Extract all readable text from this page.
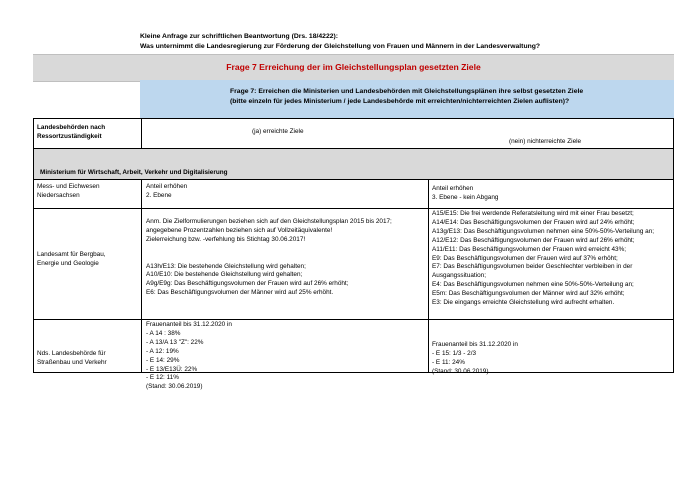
Kleine Anfrage zur schriftlichen Beantwortung (Drs. 18/4222):
Was unternimmt die Landesregierung zur Förderung der Gleichstellung von Frauen und Männern in der Landesverwaltung?
Frage 7 Erreichung der im Gleichstellungsplan gesetzten Ziele
Frage 7: Erreichen die Ministerien und Landesbehörden mit Gleichstellungsplänen ihre selbst gesetzten Ziele
(bitte einzeln für jedes Ministerium / jede Landesbehörde mit erreichten/nichterreichten Zielen auflisten)?
Landesbehörden nach
Ressortzuständigkeit
(ja) erreichte Ziele
(nein) nichterreichte Ziele
Ministerium für Wirtschaft, Arbeit, Verkehr und Digitalisierung
Mess- und Eichwesen
Niedersachsen
Anteil erhöhen
2. Ebene
Anteil erhöhen
3. Ebene - kein Abgang
Landesamt für Bergbau,
Energie und Geologie
Anm. Die Zielformulierungen beziehen sich auf den Gleichstellungsplan 2015 bis 2017;
angegebene Prozentzahlen beziehen sich auf Vollzeitäquivalente!
Zielerreichung bzw. -verfehlung bis Stichtag 30.06.2017!
A13h/E13: Die bestehende Gleichstellung wird gehalten;
A10/E10: Die bestehende Gleichstellung wird gehalten;
A9g/E9g: Das Beschäftigungsvolumen der Frauen wird auf 26% erhöht;
E6: Das Beschäftigungsvolumen der Männer wird auf 25% erhöht.
A15/E15: Die frei werdende Referatsleitung wird mit einer Frau besetzt;
A14/E14: Das Beschäftigungsvolumen der Frauen wird auf 24% erhöht;
A13g/E13: Das Beschäftigungsvolumen nehmen eine 50%-50%-Verteilung an;
A12/E12: Das Beschäftigungsvolumen der Frauen wird auf 26% erhöht;
A11/E11: Das Beschäftigungsvolumen der Frauen wird erreicht 43%;
E9: Das Beschäftigungsvolumen der Frauen wird auf 37% erhöht;
E7: Das Beschäftigungsvolumen beider Geschlechter verbleiben in der
Ausgangssituation;
E4: Das Beschäftigungsvolumen nehmen eine 50%-50%-Verteilung an;
E5m: Das Beschäftigungsvolumen der Männer wird auf 32% erhöht;
E3: Die eingangs erreichte Gleichstellung wird aufrecht erhalten.
Nds. Landesbehörde für
Straßenbau und Verkehr
Frauenanteil bis 31.12.2020 in
- A 14 : 38%
- A 13/A 13 "Z": 22%
- A 12: 19%
- E 14: 29%
- E 13/E13Ü: 22%
- E 12: 11%
(Stand: 30.06.2019)
Frauenanteil bis 31.12.2020 in
- E 15: 1/3 - 2/3
- E 11: 24%
(Stand: 30.06.2019)
